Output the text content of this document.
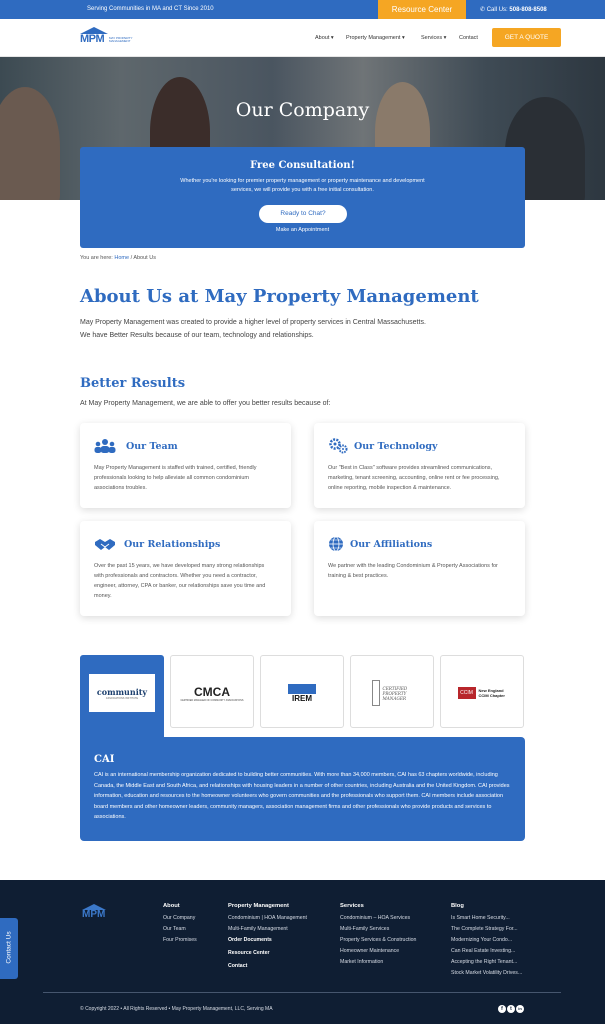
Serving Communities in MA and CT Since 2010	Resource Center	✆ Call Us: 508-808-8508
MPM MAY PROPERTY MANAGEMENT	About ▾ Property Management ▾	Services ▾ Contact	GET A QUOTE
Our Company
Free Consultation!
Whether you're looking for premier property management or property maintenance and development services, we will provide you with a free initial consultation.
Ready to Chat?
Make an Appointment
You are here: Home / About Us
About Us at May Property Management
May Property Management was created to provide a higher level of property services in Central Massachusetts.
We have Better Results because of our team, technology and relationships.
Better Results
At May Property Management, we are able to offer you better results because of:
Our Team
May Property Management is staffed with trained, certified, friendly professionals looking to help alleviate all common condominium associations troubles.
Our Technology
Our "Best in Class" software provides streamlined communications, marketing, tenant screening, accounting, online rent or fee processing, online reporting, mobile inspection & maintenance.
Our Relationships
Over the past 15 years, we have developed many strong relationships with professionals and contractors. Whether you need a contractor, engineer, attorney, CPA or banker, our relationships save you time and money.
Our Affiliations
We partner with the leading Condominium & Property Associations for training & best practices.
community
ASSOCIATIONS INSTITUTE	CMCA
CERTIFIED MANAGER OF COMMUNITY ASSOCIATIONS	IREM
CERTIFIED PROPERTY MANAGER
CCIM	New England CCIM Chapter
CAI
CAI is an international membership organization dedicated to building better communities. With more than 34,000 members, CAI has 63 chapters worldwide, including Canada, the Middle East and South Africa, and relationships with housing leaders in a number of other countries, including Australia and the United Kingdom. CAI provides information, education and resources to the homeowner volunteers who govern communities and the professionals who support them. CAI members include association board members and other homeowner leaders, community managers, association management firms and other professionals who provide products and services to associations.
MPM
About
Our Company
Our Team
Four Promises
Property Management
Condominium | HOA Management
Multi-Family Management
Order Documents
Resource Center
Contact
Services
Condominium – HOA Services
Multi-Family Services
Property Services & Construction
Homeowner Maintenance
Market Information
Blog
Is Smart Home Security...
The Complete Strategy For...
Modernizing Your Condo...
Can Real Estate Investing...
Accepting the Right Tenant...
Stock Market Volatility Drives...
© Copyright 2022 • All Rights Reserved • May Property Management, LLC, Serving MA	f	t	in
Contact Us
